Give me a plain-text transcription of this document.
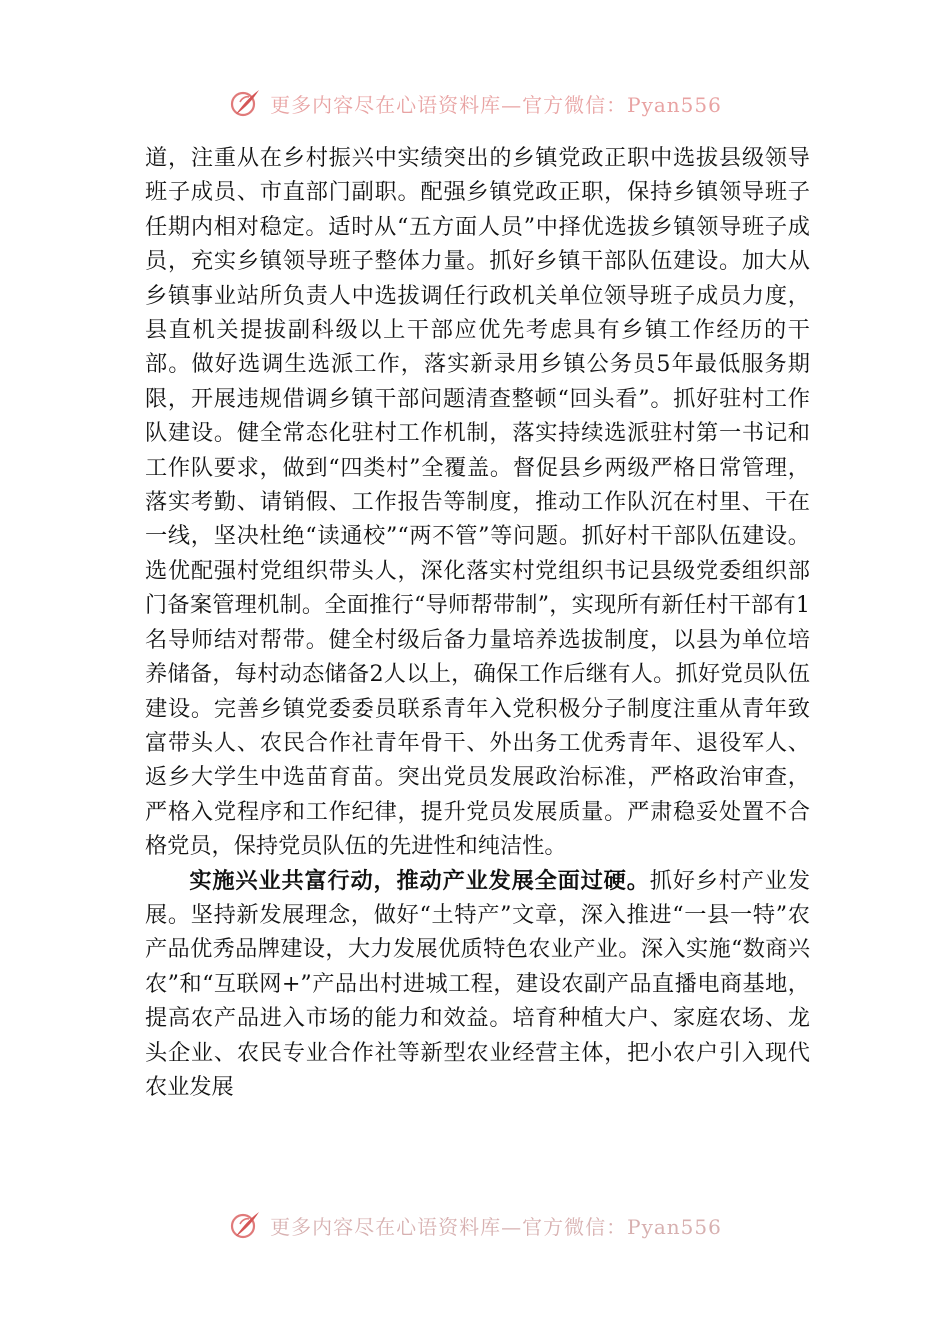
更多内容尽在心语资料库—官方微信：Pyan556

道，注重从在乡村振兴中实绩突出的乡镇党政正职中选拔县级领导班子成员、市直部门副职。配强乡镇党政正职，保持乡镇领导班子任期内相对稳定。适时从“五方面人员”中择优选拔乡镇领导班子成员，充实乡镇领导班子整体力量。抓好乡镇干部队伍建设。加大从乡镇事业站所负责人中选拔调任行政机关单位领导班子成员力度，县直机关提拔副科级以上干部应优先考虑具有乡镇工作经历的干部。做好选调生选派工作，落实新录用乡镇公务员5年最低服务期限，开展违规借调乡镇干部问题清查整顿“回头看”。抓好驻村工作队建设。健全常态化驻村工作机制，落实持续选派驻村第一书记和工作队要求，做到“四类村”全覆盖。督促县乡两级严格日常管理，落实考勤、请销假、工作报告等制度，推动工作队沉在村里、干在一线，坚决杜绝“读通校”“两不管”等问题。抓好村干部队伍建设。选优配强村党组织带头人，深化落实村党组织书记县级党委组织部门备案管理机制。全面推行“导师帮带制”，实现所有新任村干部有1名导师结对帮带。健全村级后备力量培养选拔制度，以县为单位培养储备，每村动态储备2人以上，确保工作后继有人。抓好党员队伍建设。完善乡镇党委委员联系青年入党积极分子制度注重从青年致富带头人、农民合作社青年骨干、外出务工优秀青年、退役军人、返乡大学生中选苗育苗。突出党员发展政治标准，严格政治审查，严格入党程序和工作纪律，提升党员发展质量。严肃稳妥处置不合格党员，保持党员队伍的先进性和纯洁性。

实施兴业共富行动，推动产业发展全面过硬。抓好乡村产业发展。坚持新发展理念，做好“土特产”文章，深入推进“一县一特”农产品优秀品牌建设，大力发展优质特色农业产业。深入实施“数商兴农”和“互联网+”产品出村进城工程，建设农副产品直播电商基地，提高农产品进入市场的能力和效益。培育种植大户、家庭农场、龙头企业、农民专业合作社等新型农业经营主体，把小农户引入现代农业发展

更多内容尽在心语资料库—官方微信：Pyan556
